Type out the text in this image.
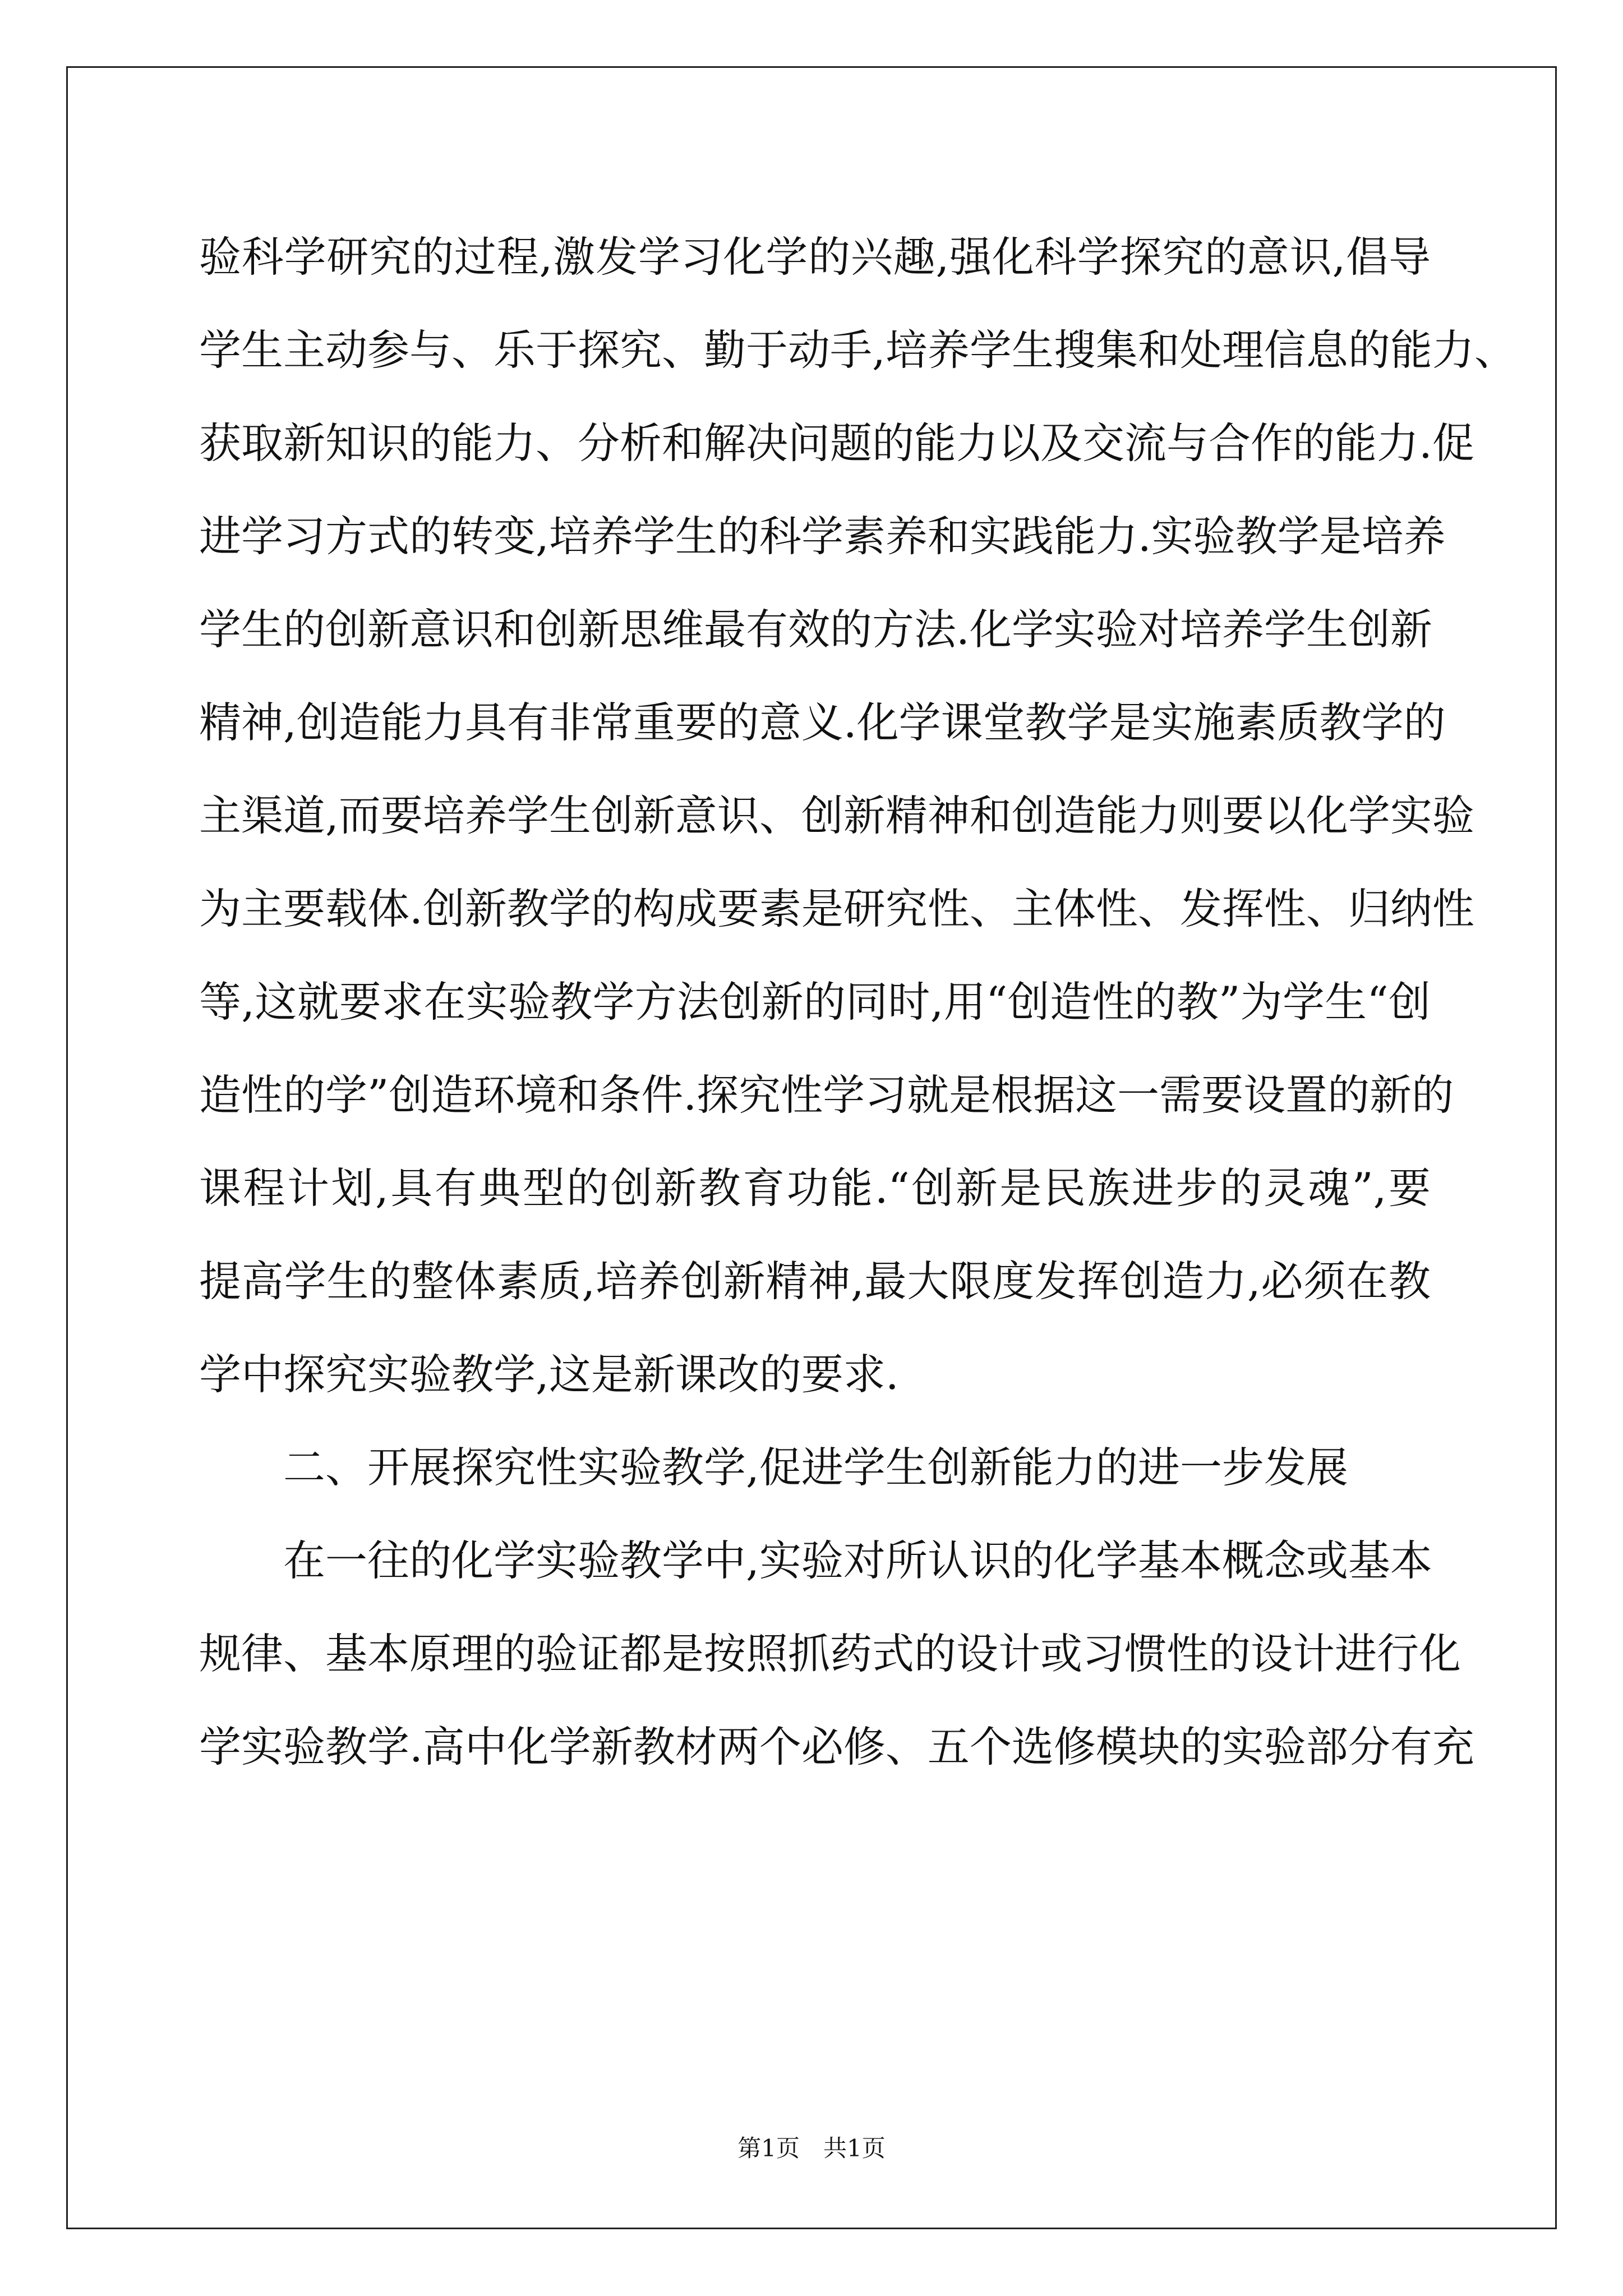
验科学研究的过程,激发学习化学的兴趣,强化科学探究的意识,倡导
学生主动参与、乐于探究、勤于动手,培养学生搜集和处理信息的能力、
获取新知识的能力、分析和解决问题的能力以及交流与合作的能力.促
进学习方式的转变,培养学生的科学素养和实践能力.实验教学是培养
学生的创新意识和创新思维最有效的方法.化学实验对培养学生创新
精神,创造能力具有非常重要的意义.化学课堂教学是实施素质教学的
主渠道,而要培养学生创新意识、创新精神和创造能力则要以化学实验
为主要载体.创新教学的构成要素是研究性、主体性、发挥性、归纳性
等,这就要求在实验教学方法创新的同时,用“创造性的教”为学生“创
造性的学”创造环境和条件.探究性学习就是根据这一需要设置的新的
课程计划,具有典型的创新教育功能.“创新是民族进步的灵魂”,要
提高学生的整体素质,培养创新精神,最大限度发挥创造力,必须在教
学中探究实验教学,这是新课改的要求.
二、开展探究性实验教学,促进学生创新能力的进一步发展
在一往的化学实验教学中,实验对所认识的化学基本概念或基本
规律、基本原理的验证都是按照抓药式的设计或习惯性的设计进行化
学实验教学.高中化学新教材两个必修、五个选修模块的实验部分有充
第1页　共1页
